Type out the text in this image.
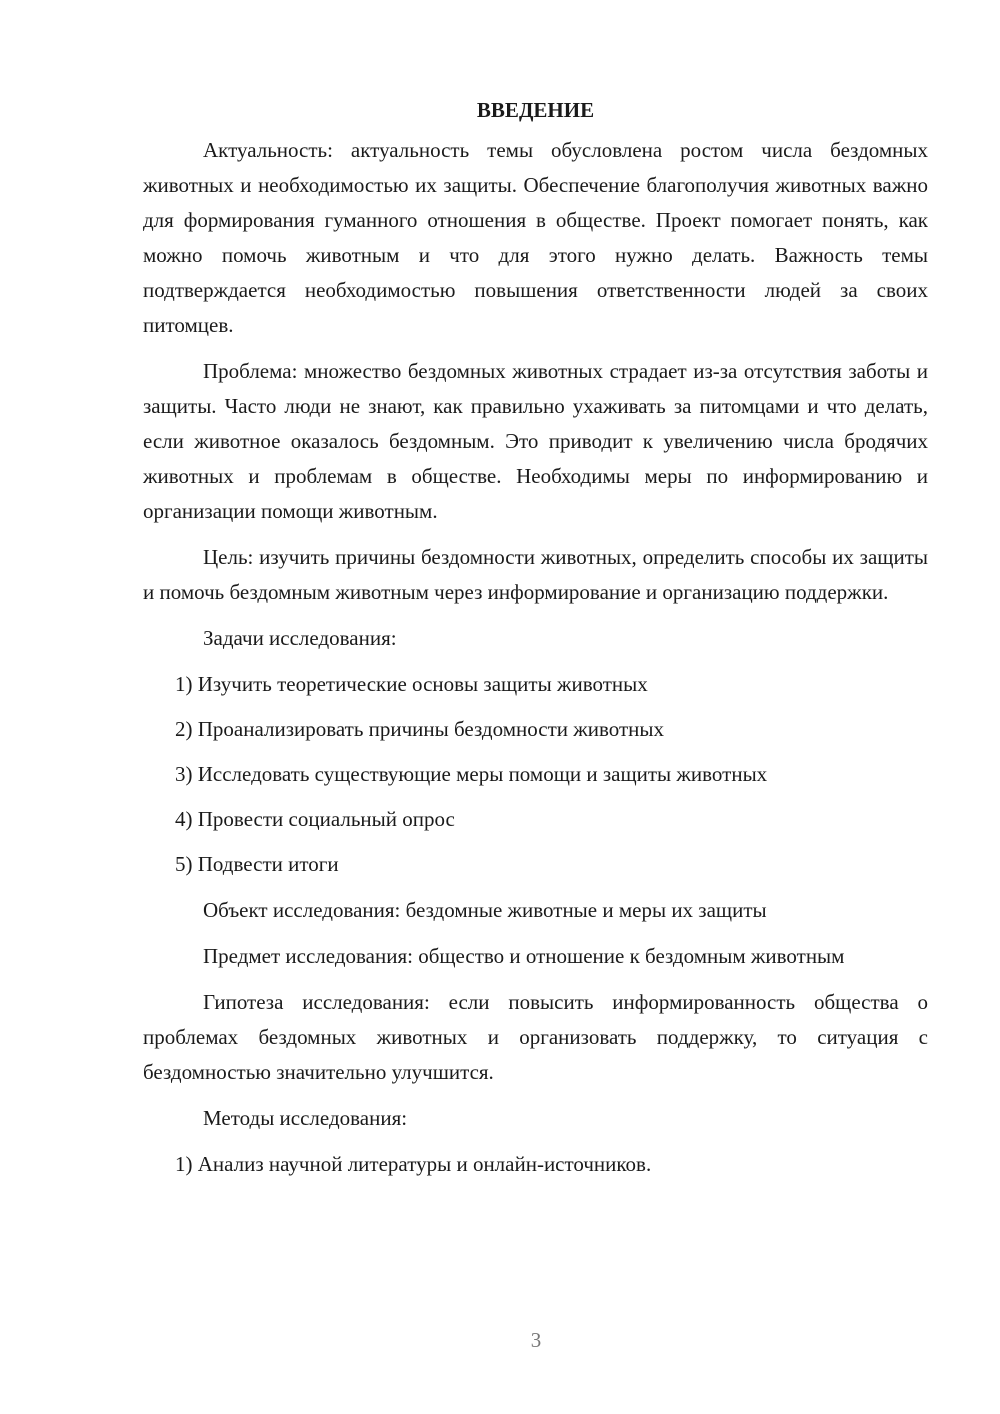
ВВЕДЕНИЕ

Актуальность: актуальность темы обусловлена ростом числа бездомных животных и необходимостью их защиты. Обеспечение благополучия животных важно для формирования гуманного отношения в обществе. Проект помогает понять, как можно помочь животным и что для этого нужно делать. Важность темы подтверждается необходимостью повышения ответственности людей за своих питомцев.

Проблема: множество бездомных животных страдает из-за отсутствия заботы и защиты. Часто люди не знают, как правильно ухаживать за питомцами и что делать, если животное оказалось бездомным. Это приводит к увеличению числа бродячих животных и проблемам в обществе. Необходимы меры по информированию и организации помощи животным.

Цель: изучить причины бездомности животных, определить способы их защиты и помочь бездомным животным через информирование и организацию поддержки.

Задачи исследования:

1) Изучить теоретические основы защиты животных
2) Проанализировать причины бездомности животных
3) Исследовать существующие меры помощи и защиты животных
4) Провести социальный опрос
5) Подвести итоги

Объект исследования: бездомные животные и меры их защиты

Предмет исследования: общество и отношение к бездомным животным

Гипотеза исследования: если повысить информированность общества о проблемах бездомных животных и организовать поддержку, то ситуация с бездомностью значительно улучшится.

Методы исследования:

1) Анализ научной литературы и онлайн-источников.
3
